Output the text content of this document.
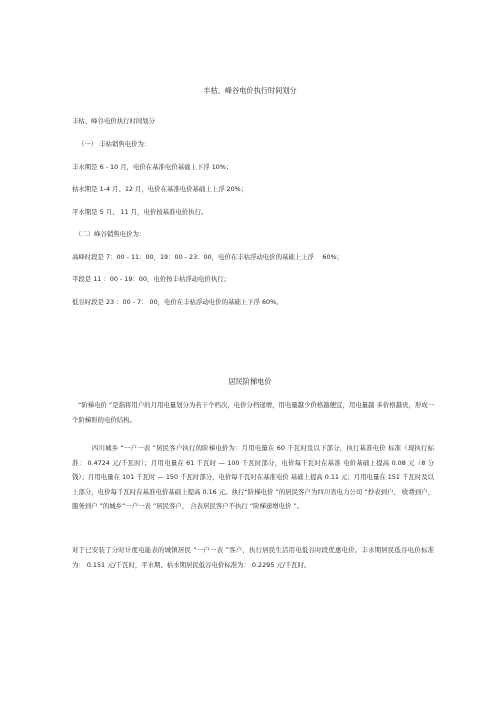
丰枯、峰谷电价执行时间划分
丰枯、峰谷电价执行时间划分
（一） 丰枯销售电价为：
丰水期是 6 - 10 月，电价在基准电价基础上下浮 10%；
枯水期是 1-4 月、12 月，电价在基准电价基础上上浮 20%；
平水期是 5 月、 11 月，电价按基准电价执行。
（二）峰谷销售电价为：
高峰时段是 7：00 - 11：00，19：00 - 23：00，电价在丰枯浮动电价的基础上上浮　 60%；
平段是 11 ：00 - 19：00，电价按丰枯浮动电价执行；
低谷时段是 23 ：00 - 7： 00，电价在丰枯浮动电价的基础上下浮 60%。
居民阶梯电价

“阶梯电价 ”是指将用户的月用电量划分为若干个档次，电价分档递增，用电量越少价格越便宜，用电量越 多价格越贵，形成一个阶梯形的电价结构。

四川城乡 “一户一表 ”居民客户执行的阶梯电价为：月用电量在 60 千瓦时及以下部分，执行基准电价 标准（现执行标准： 0.4724 元/千瓦时）；月用电量在 61 千瓦时 — 100 千瓦时部分，电价每千瓦时在基准 电价基础上提高 0.08 元（8 分钱）；月用电量在 101 千瓦时 — 150 千瓦时部分，电价每千瓦时在基准电价 基础上提高 0.11 元；月用电量在 151 千瓦时及以上部分，电价每千瓦时在基准电价基础上提高 0.16 元。执行“阶梯电价 ”的居民客户为四川省电力公司 “抄表到户、 收费到户、服务到户 ”的城乡“一户一表 ”居民客户， 合表居民客户不执行 “阶梯递增电价 ”。

对于已安装了分时计度电能表的城镇居民 “一户一表 ”客户，执行居民生活用电低谷时段优惠电价。丰水期居民低谷电价标准为： 0.151 元/千瓦时，平水期、枯水期居民低谷电价标准为： 0.2295 元/千瓦时。
